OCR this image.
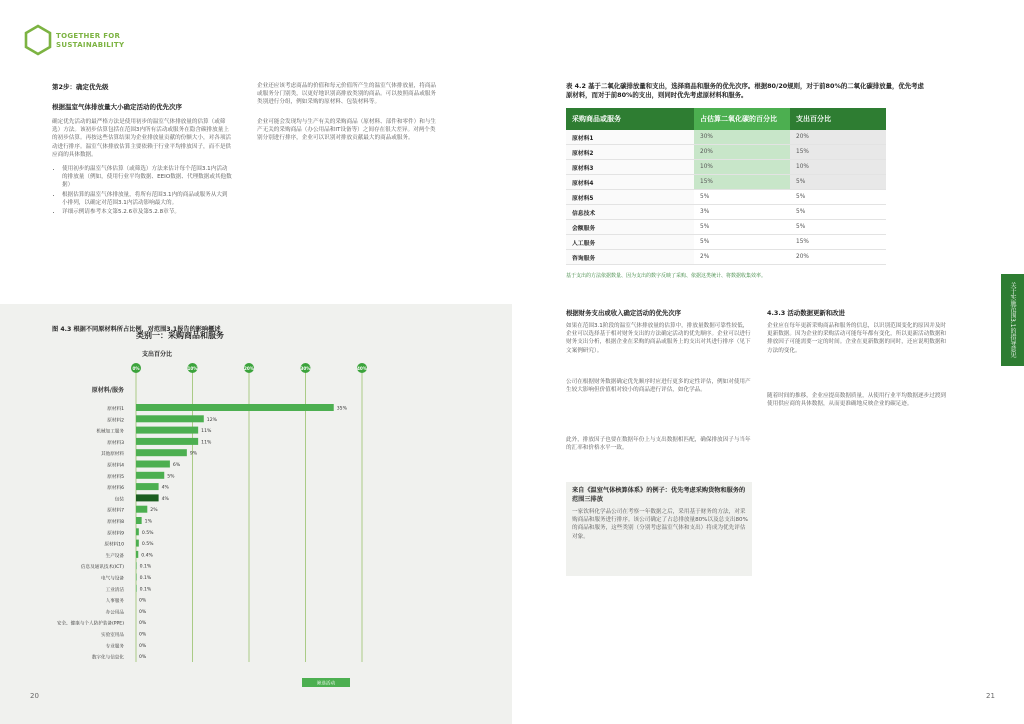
TOGETHER FOR
SUSTAINABILITY
第2步：确定优先级
根据温室气体排放量大小确定活动的优先次序
确定优先活动的最严格方法是使用初步的温室气体排放量的估算（或筛选）方法。该初步估算包括在范围3内所有活动或服务在隐含碳排放量上的初步估算。再按这些估算结果为企业排放量贡献的份额大小，对各项活动进行排序。温室气体排放估算主要依赖于行业平均排放因子，而不是供应商的具体数据。
• 使用初步的温室气体估算（或筛选）方法来估计每个范围3.1内活动的排放量（例如，使用行业平均数据、EEIO数据、代理数据或其他数据）
• 根据估算的温室气体排放量，将所有范围3.1内的商品或服务从大到小排列，以确定对范围3.1内活动影响最大的。
• 详细示例请参考本文第5.2.6章及第5.2.8章节。
企业还应该考虑商品的价值和每元价值所产生的温室气体排放量，将商品或服务分门别类，以更好地识别高排放类别的商品。可以按照商品或服务类别进行分组，例如采购的原材料、包装材料等。
企业可能会发现均与生产有关的采购商品（原材料、部件和零件）和与生产无关的采购商品（办公用品和IT设备等）之间存在很大差异。对两个类别分别进行排序，企业可以识别对排放贡献最大的商品或服务。
图 4.3 根据不同原材料所占比例，对范围3.1报告的影响概述
类别一：采购商品和服务
支出百分比
0%	10%	20%	30%	40%
原材料/服务
原材料1	35%
原材料2	12%
机械加工服务	11%
原材料3	11%
其他原材料	9%
原材料4	6%
原材料5	5%
原材料6	4%
包装	4%
原材料7	2%
原材料8	1%
原材料9	0.5%
原材料10	0.5%
生产设备	0.4%
信息及通讯技术(ICT)	0.1%
电气与设备	0.1%
工业清洁	0.1%
人事服务	0%
办公用品	0%
安全、健康与个人防护装备(PPE)	0%
实验室用品	0%
专业服务	0%
数字化与信息化	0%
筛选活动
20
表 4.2 基于二氧化碳排放量和支出，选择商品和服务的优先次序。根据80/20规则，对于前80%的二氧化碳排放量，优先考虑原材料，而对于前80%的支出，则同时优先考虑原材料和服务。
采购商品或服务	占估算二氧化碳的百分比	支出百分比
原材料1	30%	20%
原材料2	20%	15%
原材料3	10%	10%
原材料4	15%	5%
原材料5	5%	5%
信息技术	3%	5%
会额服务	5%	5%
人工服务	5%	15%
咨询服务	2%	20%
基于支出的方法依据数量、因为支出的数字反映了采购、依据这类统计、将数据收集效率。
根据财务支出或收入确定活动的优先次序
如果在范围3.1阶段的温室气体排放量的估算中，排放量数据可靠性较低，企业可以选择基于相对财务支出的方法确定活动的优先顺序。企业可以进行财务支出分析，根据企业在采购的商品或服务上的支出对其进行排序（见下文案例研究）。
公司在根据财务数据确定优先顺序时应进行更多的定性评估，例如对使用产生较大影响但价值相对较小的商品进行评估，如化学品。
此外，排放因子也要在数据年份上与支出数据相匹配，确保排放因子与当年的汇率和价格水平一致。
来自《温室气体核算体系》的例子：优先考虑采购货物和服务的范围三排放
一家饮料化学品公司在考察一年数据之后，采用基于财务的方法，对采购商品和服务进行排序。该公司确定了占总排放量80%以及总支出80%的商品和服务，这些类别（分别考虑温室气体和支出）将成为优先评估对象。
4.3.3 活动数据更新和改进
企业应在每年更新采购商品和服务的信息，以识别范围变化的原因并及时更新数据。因为企业的采购活动可能每年都有变化，所以更新活动数据和排放因子可能需要一定的时间。企业在更新数据的同时，还应说明数据和方法的变化。
随着时间的推移，企业应提高数据质量，从使用行业平均数据逐步过渡到使用供应商的具体数据，从而更准确地反映企业的碳足迹。
关于实施范围3.1的指导意见
21
